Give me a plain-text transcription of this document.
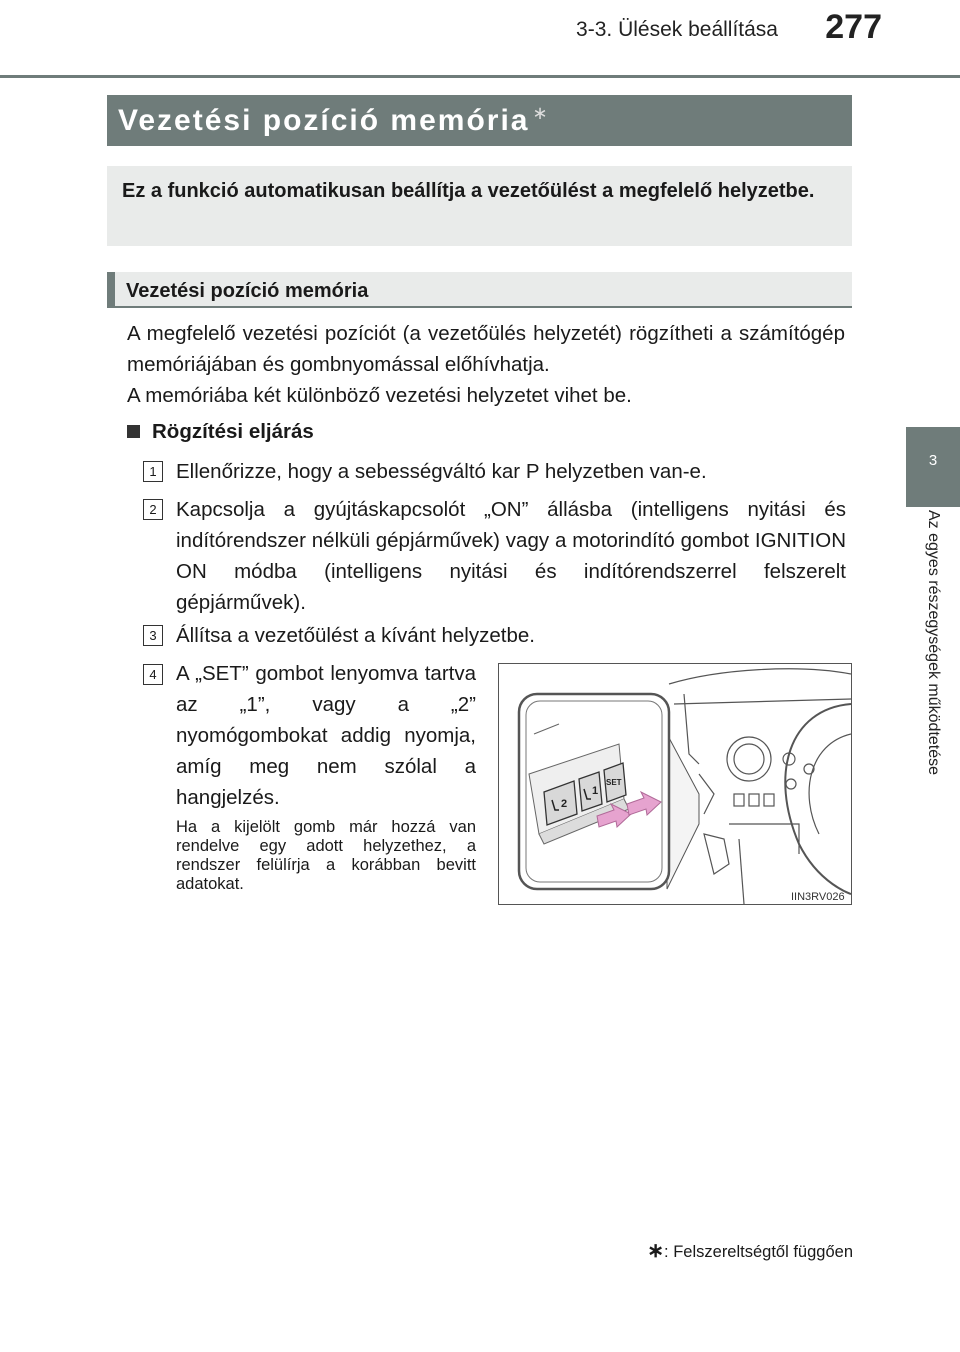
3-3. Ülések beállítása	277
3
Az egyes részegységek működtetése
Vezetési pozíció memória ∗
Ez a funkció automatikusan beállítja a vezetőülést a megfelelő helyzetbe.
Vezetési pozíció memória
A megfelelő vezetési pozíciót (a vezetőülés helyzetét) rögzítheti a számítógép memóriájában és gombnyomással előhívhatja.
A memóriába két különböző vezetési helyzetet vihet be.
Rögzítési eljárás
1 Ellenőrizze, hogy a sebességváltó kar P helyzetben van-e.
2 Kapcsolja a gyújtáskapcsolót „ON” állásba (intelligens nyitási és indítórendszer nélküli gépjárművek) vagy a motorindító gombot IGNITION ON módba (intelligens nyitási és indítórendszerrel felszerelt gépjárművek).
3 Állítsa a vezetőülést a kívánt helyzetbe.
4 A „SET” gombot lenyomva tartva az „1”, vagy a „2” nyomógombokat addig nyomja, amíg meg nem szólal a hangjelzés.
Ha a kijelölt gomb már hozzá van rendelve egy adott helyzethez, a rendszer felülírja a korábban bevitt adatokat.
2
1
SET
IIN3RV026
∗: Felszereltségtől függően
